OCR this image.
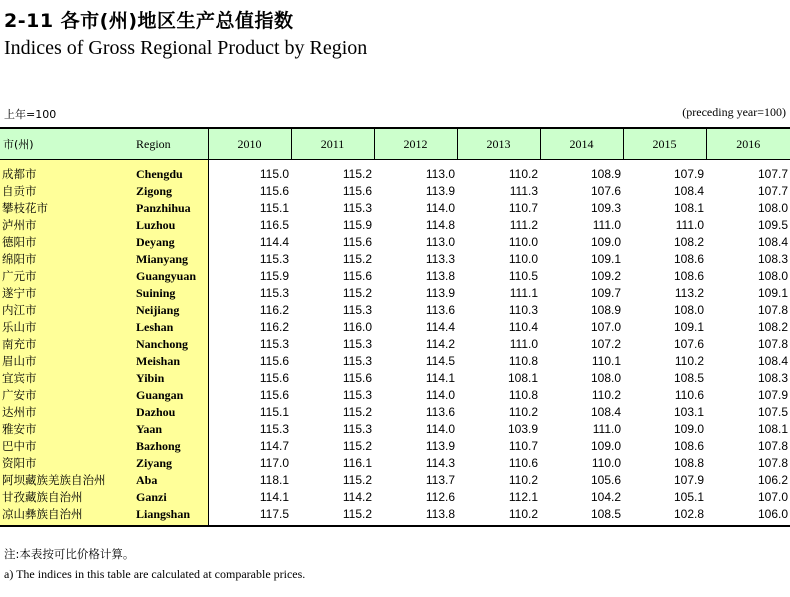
2-11 各市(州)地区生产总值指数
Indices of Gross Regional Product by Region
上年=100	(preceding year=100)
市(州)	Region	2010	2011	2012	2013	2014	2015	2016
成都市	Chengdu	115.0	115.2	113.0	110.2	108.9	107.9	107.7
自贡市	Zigong	115.6	115.6	113.9	111.3	107.6	108.4	107.7
攀枝花市	Panzhihua	115.1	115.3	114.0	110.7	109.3	108.1	108.0
泸州市	Luzhou	116.5	115.9	114.8	111.2	111.0	111.0	109.5
德阳市	Deyang	114.4	115.6	113.0	110.0	109.0	108.2	108.4
绵阳市	Mianyang	115.3	115.2	113.3	110.0	109.1	108.6	108.3
广元市	Guangyuan	115.9	115.6	113.8	110.5	109.2	108.6	108.0
遂宁市	Suining	115.3	115.2	113.9	111.1	109.7	113.2	109.1
内江市	Neijiang	116.2	115.3	113.6	110.3	108.9	108.0	107.8
乐山市	Leshan	116.2	116.0	114.4	110.4	107.0	109.1	108.2
南充市	Nanchong	115.3	115.3	114.2	111.0	107.2	107.6	107.8
眉山市	Meishan	115.6	115.3	114.5	110.8	110.1	110.2	108.4
宜宾市	Yibin	115.6	115.6	114.1	108.1	108.0	108.5	108.3
广安市	Guangan	115.6	115.3	114.0	110.8	110.2	110.6	107.9
达州市	Dazhou	115.1	115.2	113.6	110.2	108.4	103.1	107.5
雅安市	Yaan	115.3	115.3	114.0	103.9	111.0	109.0	108.1
巴中市	Bazhong	114.7	115.2	113.9	110.7	109.0	108.6	107.8
资阳市	Ziyang	117.0	116.1	114.3	110.6	110.0	108.8	107.8
阿坝藏族羌族自治州	Aba	118.1	115.2	113.7	110.2	105.6	107.9	106.2
甘孜藏族自治州	Ganzi	114.1	114.2	112.6	112.1	104.2	105.1	107.0
凉山彝族自治州	Liangshan	117.5	115.2	113.8	110.2	108.5	102.8	106.0
注:本表按可比价格计算。
a) The indices in this table are calculated at comparable prices.
